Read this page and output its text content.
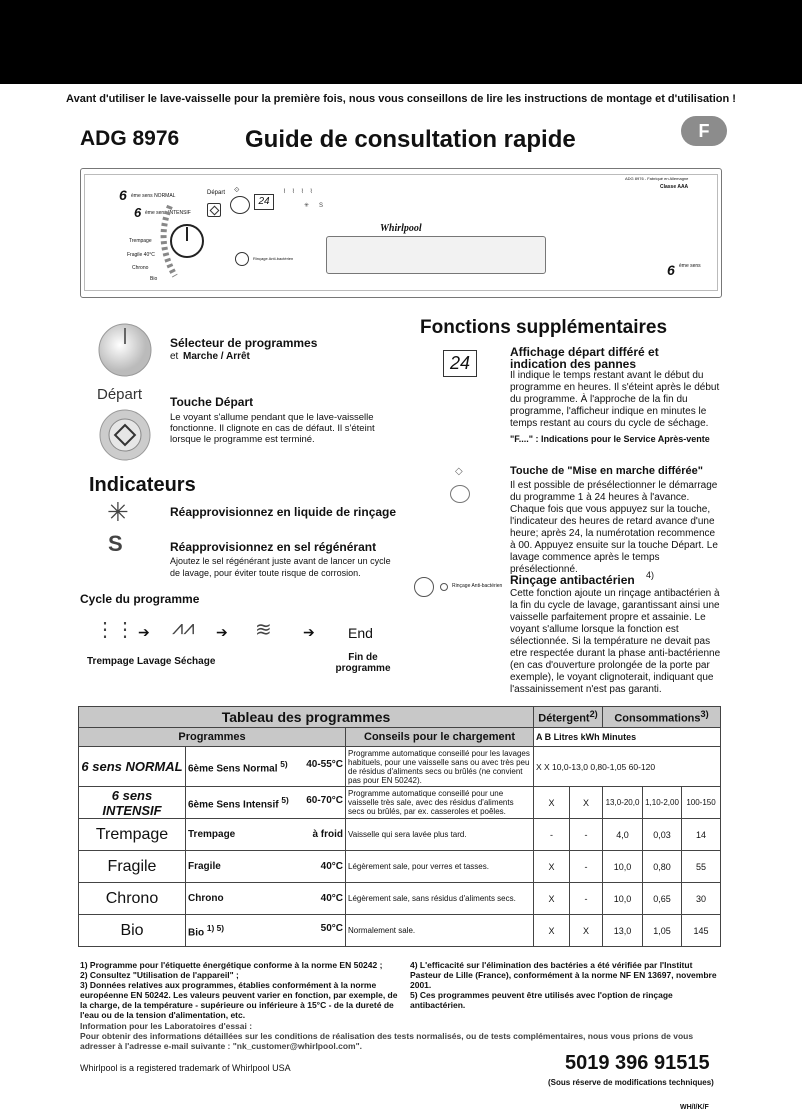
Avant d'utiliser le lave-vaisselle pour la première fois, nous vous conseillons de lire les instructions de montage et d'utilisation !
ADG 8976	Guide de consultation rapide	F
6 ème sens NORMAL
6 ème sens INTENSIF
Trempage
Fragile 40°C
Chrono
Bio
Départ ⟐
24
⌇⌇⌇⌇
✳S
Rinçage Anti-bactérien
Whirlpool
ADG 8976 - Fabriqué en Allemagne
Classe AAA
6 ème sens
Sélecteur de programmes
et Marche / Arrêt
Départ Touche Départ
Le voyant s'allume pendant que le lave-vaisselle fonctionne. Il clignote en cas de défaut. Il s'éteint lorsque le programme est terminé.
Indicateurs
✳	Réapprovisionnez en liquide de rinçage
S	Réapprovisionnez en sel régénérant
Ajoutez le sel régénérant juste avant de lancer un cycle de lavage, pour éviter toute risque de corrosion.
Cycle du programme
⋮⋮ ➔ ⩘⩘ ➔ ≋ ➔ End
Trempage Lavage Séchage	Fin de programme
Fonctions supplémentaires
24
Affichage départ différé et indication des pannes
Il indique le temps restant avant le début du programme en heures. Il s'éteint après le début du programme. À l'approche de la fin du programme, l'afficheur indique en minutes le temps restant au cours du cycle de séchage.
"F...." : Indications pour le Service Après-vente
◇	Touche de "Mise en marche différée"
Il est possible de présélectionner le démarrage du programme 1 à 24 heures à l'avance. Chaque fois que vous appuyez sur la touche, l'indicateur des heures de retard avance d'une heure; après 24, la numérotation recommence à 00. Appuyez ensuite sur la touche Départ. Le lavage commence après le temps présélectionné.
Rinçage Anti-bactérien Rinçage antibactérien 4)
Cette fonction ajoute un rinçage antibactérien à la fin du cycle de lavage, garantissant ainsi une vaisselle parfaitement propre et assainie. Le voyant s'allume lorsque la fonction est sélectionnée. Si la température ne devait pas etre respectée durant la phase anti-bactérienne (en cas d'ouverture prolongée de la porte par exemple), le voyant clignoterait, indiquant que l'assainissement n'est pas garanti.
Tableau des programmes			Détergent$^{2)}$		Consommations$^{3)}$
Programmes		Conseils pour le chargement	A B Litres kWh Minutes				
6 sens NORMAL	6ème Sens Normal $^{5)}$ 40-55°C	Programme automatique conseillé pour les lavages habituels, pour une vaisselle sans ou avec très peu de résidus d'aliments secs ou brûlés (ne convient pas pour EN 50242).	X X 10,0-13,0 0,80-1,05 60-120				
6 sens INTENSIF	6ème Sens Intensif $^{5)}$ 60-70°C	Programme automatique conseillé pour une vaisselle très sale, avec des résidus d'aliments secs ou brûlés, par ex. casseroles et poêles.	X	X	13,0-20,0	1,10-2,00	100-150
Trempage	Trempage à froid	Vaisselle qui sera lavée plus tard.	-	-	4,0	0,03	14
Fragile	Fragile 40°C	Légèrement sale, pour verres et tasses.	X	-	10,0	0,80	55
Chrono	Chrono 40°C	Légèrement sale, sans résidus d'aliments secs.	X	-	10,0	0,65	30
Bio	Bio $^{1) 5)}$ 50°C	Normalement sale.	X	X	13,0	1,05	145
1) Programme pour l'étiquette énergétique conforme à la norme EN 50242 ;
2) Consultez "Utilisation de l'appareil" ;
3) Données relatives aux programmes, établies conformément à la norme européenne EN 50242. Les valeurs peuvent varier en fonction, par exemple, de la charge, de la température - supérieure ou inférieure à 15°C - de la dureté de l'eau ou de la tension d'alimentation, etc.
4) L'efficacité sur l'élimination des bactéries a été vérifiée par l'Institut Pasteur de Lille (France), conformément à la norme NF EN 13697, novembre 2001.
5) Ces programmes peuvent être utilisés avec l'option de rinçage antibactérien.
Information pour les Laboratoires d'essai :
Pour obtenir des informations détaillées sur les conditions de réalisation des tests normalisés, ou de tests complémentaires, nous vous prions de vous adresser à l'adresse e-mail suivante : "nk_customer@whirlpool.com".
Whirlpool is a registered trademark of Whirlpool USA	5019 396 91515
(Sous réserve de modifications techniques)
WH/I/K/F
